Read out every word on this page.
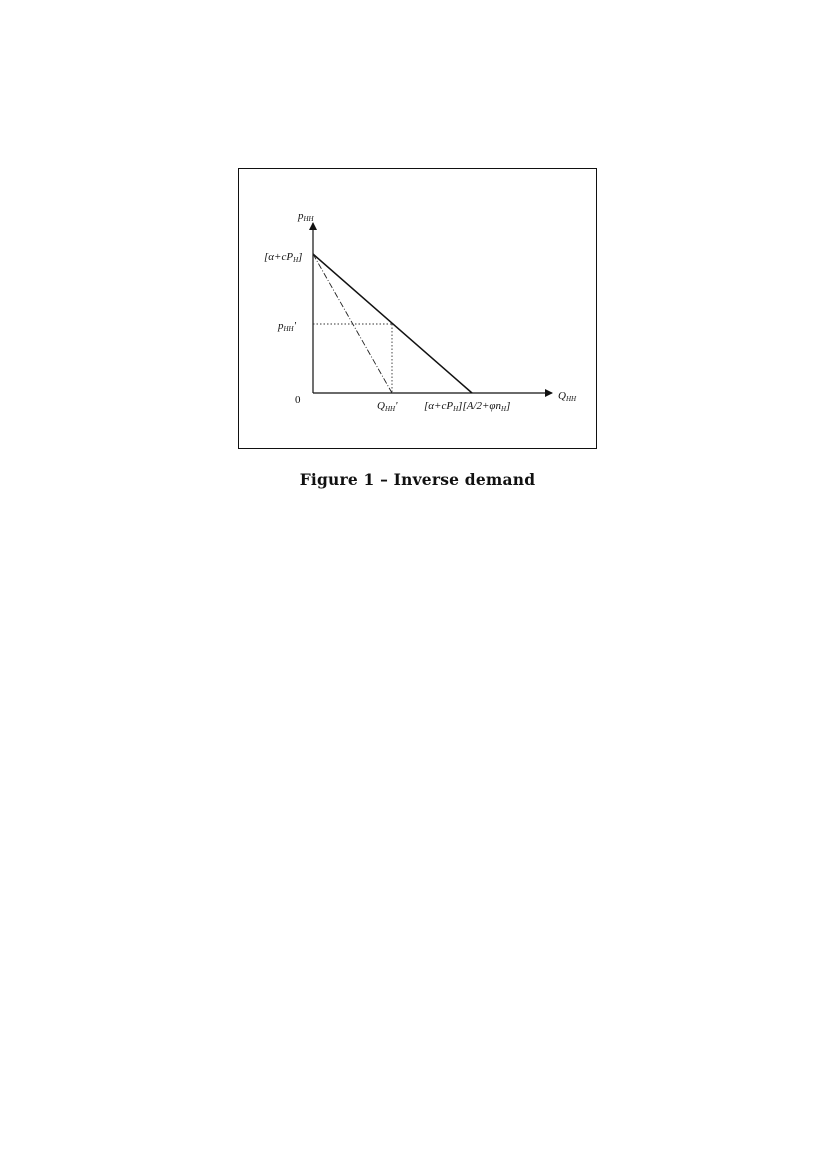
pHH
QHH
0
[α+cPH]
pHH'
QHH' [α+cPH][A/2+φnH]
Figure 1 – Inverse demand
